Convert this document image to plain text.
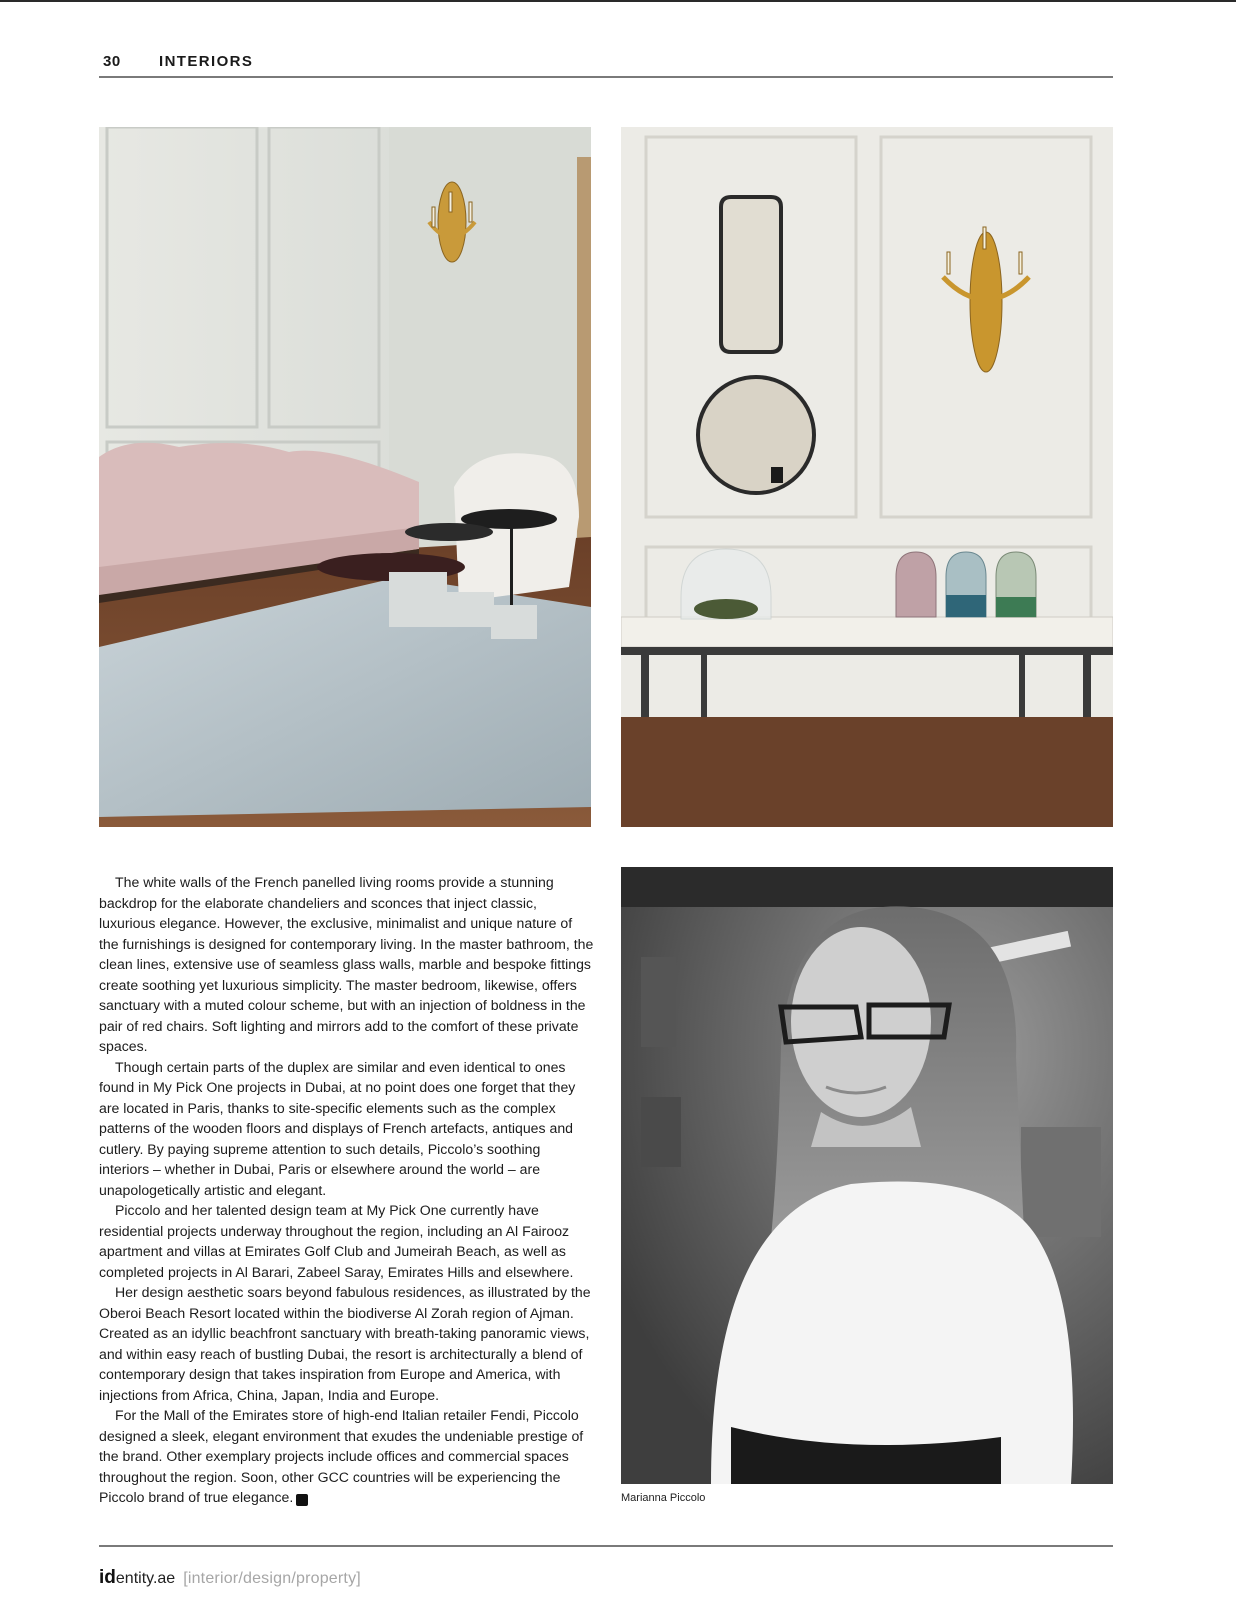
30	INTERIORS

The white walls of the French panelled living rooms provide a stunning backdrop for the elaborate chandeliers and sconces that inject classic, luxurious elegance. However, the exclusive, minimalist and unique nature of the furnishings is designed for contemporary living. In the master bathroom, the clean lines, extensive use of seamless glass walls, marble and bespoke fittings create soothing yet luxurious simplicity. The master bedroom, likewise, offers sanctuary with a muted colour scheme, but with an injection of boldness in the pair of red chairs. Soft lighting and mirrors add to the comfort of these private spaces.

Though certain parts of the duplex are similar and even identical to ones found in My Pick One projects in Dubai, at no point does one forget that they are located in Paris, thanks to site-specific elements such as the complex patterns of the wooden floors and displays of French artefacts, antiques and cutlery. By paying supreme attention to such details, Piccolo’s soothing interiors – whether in Dubai, Paris or elsewhere around the world – are unapologetically artistic and elegant.

Piccolo and her talented design team at My Pick One currently have residential projects underway throughout the region, including an Al Fairooz apartment and villas at Emirates Golf Club and Jumeirah Beach, as well as completed projects in Al Barari, Zabeel Saray, Emirates Hills and elsewhere.

Her design aesthetic soars beyond fabulous residences, as illustrated by the Oberoi Beach Resort located within the biodiverse Al Zorah region of Ajman. Created as an idyllic beachfront sanctuary with breath-taking panoramic views, and within easy reach of bustling Dubai, the resort is architecturally a blend of contemporary design that takes inspiration from Europe and America, with injections from Africa, China, Japan, India and Europe.

For the Mall of the Emirates store of high-end Italian retailer Fendi, Piccolo designed a sleek, elegant environment that exudes the undeniable prestige of the brand. Other exemplary projects include offices and commercial spaces throughout the region. Soon, other GCC countries will be experiencing the Piccolo brand of true elegance.	ID	Marianna Piccolo
identity.ae [interior/design/property]
